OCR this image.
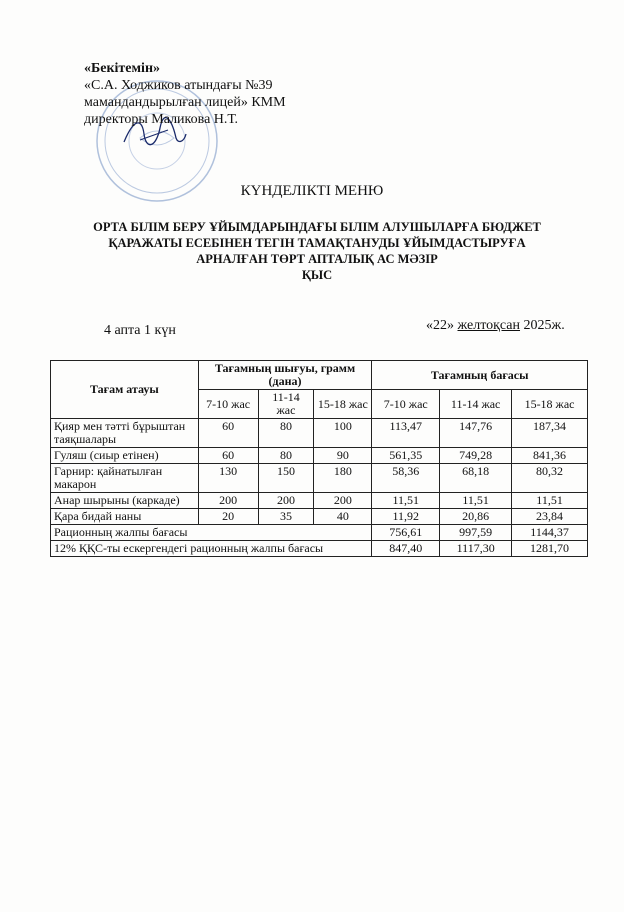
«Бекітемін»
«С.А. Ходжиков атындағы №39
мамандандырылған лицей» КММ
директоры Маликова Н.Т.
КҮНДЕЛІКТІ МЕНЮ
ОРТА БІЛІМ БЕРУ ҰЙЫМДАРЫНДАҒЫ БІЛІМ АЛУШЫЛАРҒА БЮДЖЕТ
ҚАРАЖАТЫ ЕСЕБІНЕН ТЕГІН ТАМАҚТАНУДЫ ҰЙЫМДАСТЫРУҒА
АРНАЛҒАН ТӨРТ АПТАЛЫҚ АС МӘЗІР
ҚЫС
4 апта 1 күн	«22» желтоқсан 2025ж.
Тағам атауы	Тағамның шығуы, грамм (дана)			Тағамның бағасы		
	7-10 жас	11-14 жас	15-18 жас	7-10 жас	11-14 жас	15-18 жас
Қияр мен тәтті бұрыштан таяқшалары	60	80	100	113,47	147,76	187,34
Гуляш (сиыр етінен)	60	80	90	561,35	749,28	841,36
Гарнир: қайнатылған макарон	130	150	180	58,36	68,18	80,32
Анар шырыны (каркаде)	200	200	200	11,51	11,51	11,51
Қара бидай наны	20	35	40	11,92	20,86	23,84
Рационның жалпы бағасы				756,61	997,59	1144,37
12% ҚҚС-ты ескергендегі рационның жалпы бағасы				847,40	1117,30	1281,70
